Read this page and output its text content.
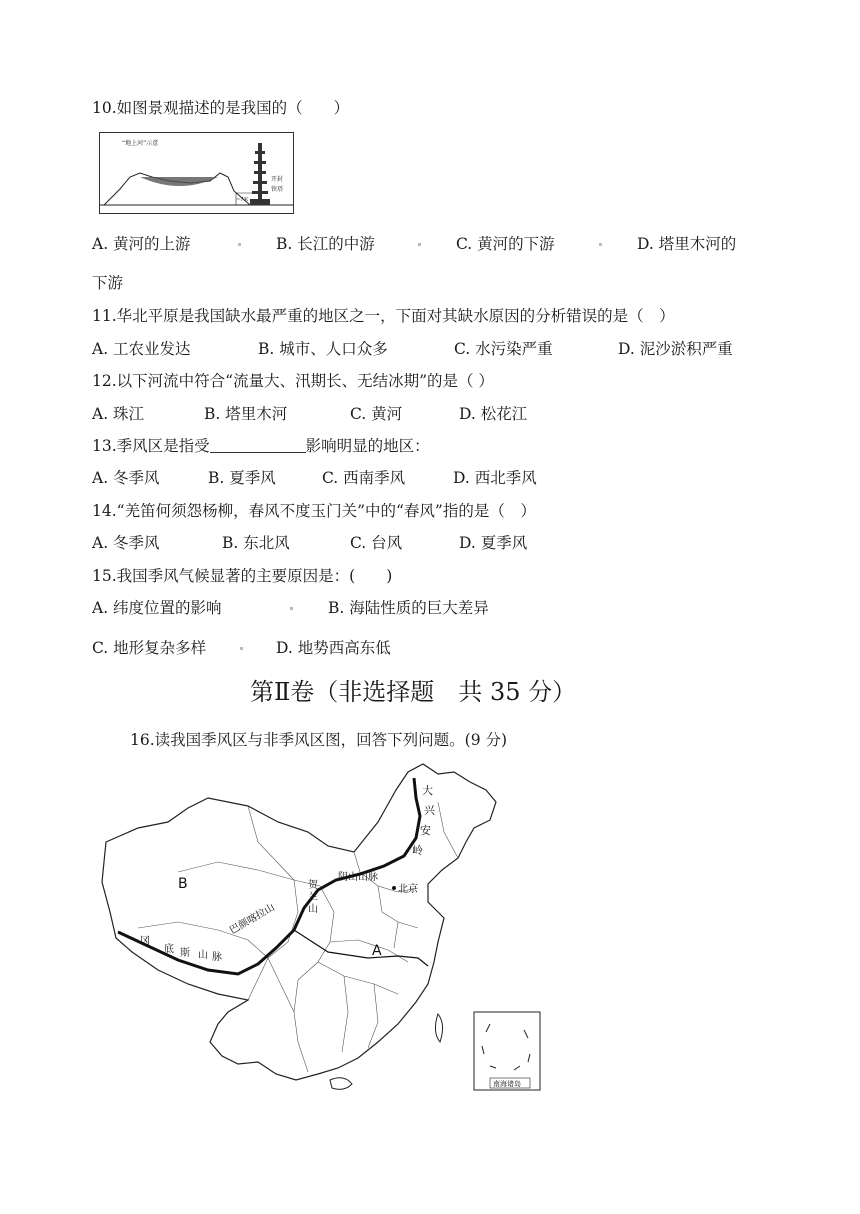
10.如图景观描述的是我国的（　　）
“地上河”示意
~7米
开封
铁塔
A. 黄河的上游	B. 长江的中游	C. 黄河的下游	D. 塔里木河的
下游
11.华北平原是我国缺水最严重的地区之一，下面对其缺水原因的分析错误的是（　）
A. 工农业发达	B. 城市、人口众多	C. 水污染严重	D. 泥沙淤积严重
12.以下河流中符合“流量大、汛期长、无结冰期”的是（ ）
A. 珠江	B. 塔里木河	C. 黄河	D. 松花江
13.季风区是指受	影响明显的地区：
A. 冬季风	B. 夏季风	C. 西南季风	D. 西北季风
14.“羌笛何须怨杨柳，春风不度玉门关”中的“春风”指的是（　）
A. 冬季风	B. 东北风	C. 台风	D. 夏季风
15.我国季风气候显著的主要原因是：(　　)
A. 纬度位置的影响	B. 海陆性质的巨大差异
C. 地形复杂多样	D. 地势西高东低
第Ⅱ卷（非选择题　共 35 分）
16.读我国季风区与非季风区图，回答下列问题。(9 分)
B
A
大
兴
安
岭
阴山山脉
贺
兰
山
北京
冈
底 斯 山 脉
巴颜喀拉山
南海诸岛
